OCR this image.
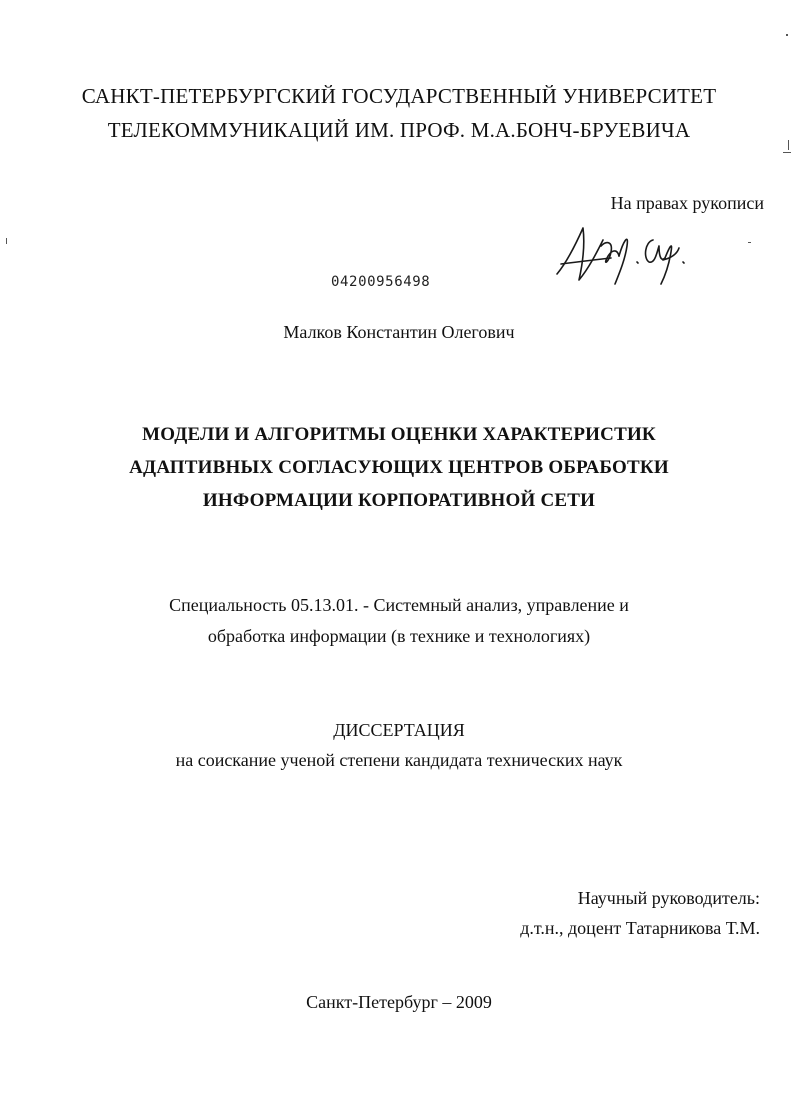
САНКТ-ПЕТЕРБУРГСКИЙ ГОСУДАРСТВЕННЫЙ УНИВЕРСИТЕТ
ТЕЛЕКОММУНИКАЦИЙ ИМ. ПРОФ. М.А.БОНЧ-БРУЕВИЧА
На правах рукописи
04200956498
Малков Константин Олегович
МОДЕЛИ И АЛГОРИТМЫ ОЦЕНКИ ХАРАКТЕРИСТИК
АДАПТИВНЫХ СОГЛАСУЮЩИХ ЦЕНТРОВ ОБРАБОТКИ
ИНФОРМАЦИИ КОРПОРАТИВНОЙ СЕТИ
Специальность 05.13.01. - Системный анализ, управление и
обработка информации (в технике и технологиях)
ДИССЕРТАЦИЯ
на соискание ученой степени кандидата технических наук
Научный руководитель:
д.т.н., доцент Татарникова Т.М.
Санкт-Петербург – 2009
